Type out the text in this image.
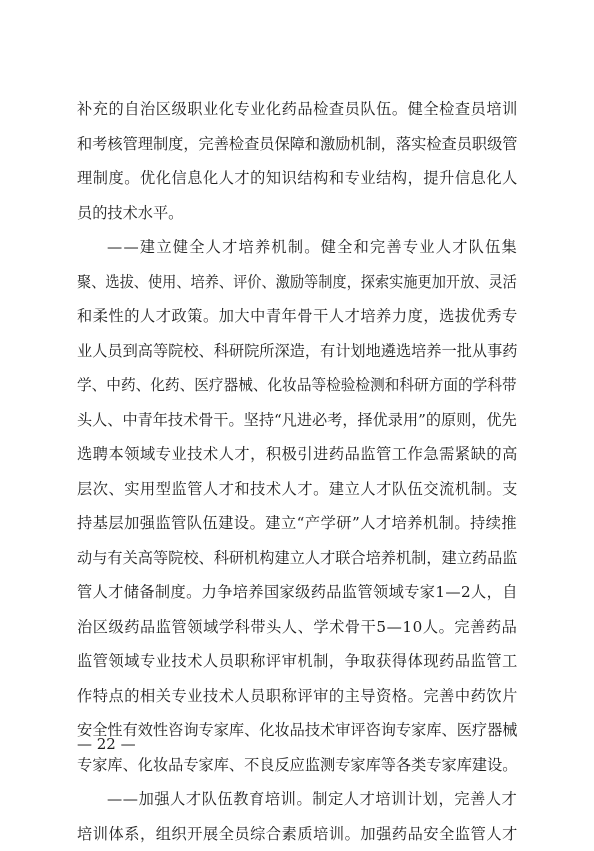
补充的自治区级职业化专业化药品检查员队伍。健全检查员培训
和考核管理制度，完善检查员保障和激励机制，落实检查员职级管
理制度。优化信息化人才的知识结构和专业结构，提升信息化人
员的技术水平。
——建立健全人才培养机制。健全和完善专业人才队伍集
聚、选拔、使用、培养、评价、激励等制度，探索实施更加开放、灵活
和柔性的人才政策。加大中青年骨干人才培养力度，选拔优秀专
业人员到高等院校、科研院所深造，有计划地遴选培养一批从事药
学、中药、化药、医疗器械、化妆品等检验检测和科研方面的学科带
头人、中青年技术骨干。坚持“凡进必考，择优录用”的原则，优先
选聘本领域专业技术人才，积极引进药品监管工作急需紧缺的高
层次、实用型监管人才和技术人才。建立人才队伍交流机制。支
持基层加强监管队伍建设。建立“产学研”人才培养机制。持续推
动与有关高等院校、科研机构建立人才联合培养机制，建立药品监
管人才储备制度。力争培养国家级药品监管领域专家1—2人，自
治区级药品监管领域学科带头人、学术骨干5—10人。完善药品
监管领域专业技术人员职称评审机制，争取获得体现药品监管工
作特点的相关专业技术人员职称评审的主导资格。完善中药饮片
安全性有效性咨询专家库、化妆品技术审评咨询专家库、医疗器械
专家库、化妆品专家库、不良反应监测专家库等各类专家库建设。
——加强人才队伍教育培训。制定人才培训计划，完善人才
培训体系，组织开展全员综合素质培训。加强药品安全监管人才
— 22 —
